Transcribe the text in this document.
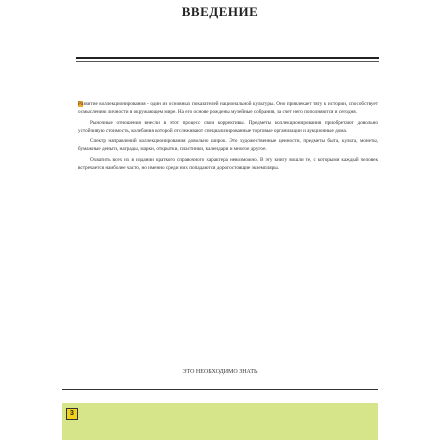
ВВЕДЕНИЕ

Развитие коллекционирования - один из основных показателей национальной культуры. Оно привлекает тягу к истории, способствует осмыслению личности в окружающем мире. На его основе рождены музейные собрания, за счет него пополняются и сегодня.

Рыночные отношения внесли в этот процесс свои коррективы. Предметы коллекционирования приобретают довольно устойчивую стоимость, колебания которой отслеживают специализированные торговые организации и аукционные дома.

Спектр направлений коллекционирования довольно широк. Это художественные ценности, предметы быта, культа, монеты, бумажные деньги, награды, марки, открытки, пластинки, календари и многое другое.

Охватить всех их в издании краткого справочного характера невозможно. В эту книгу вошли те, с которыми каждый человек встречается наиболее часто, но именно среди них попадаются дорогостоящие экземпляры.

ЭТО НЕОБХОДИМО ЗНАТЬ
3
